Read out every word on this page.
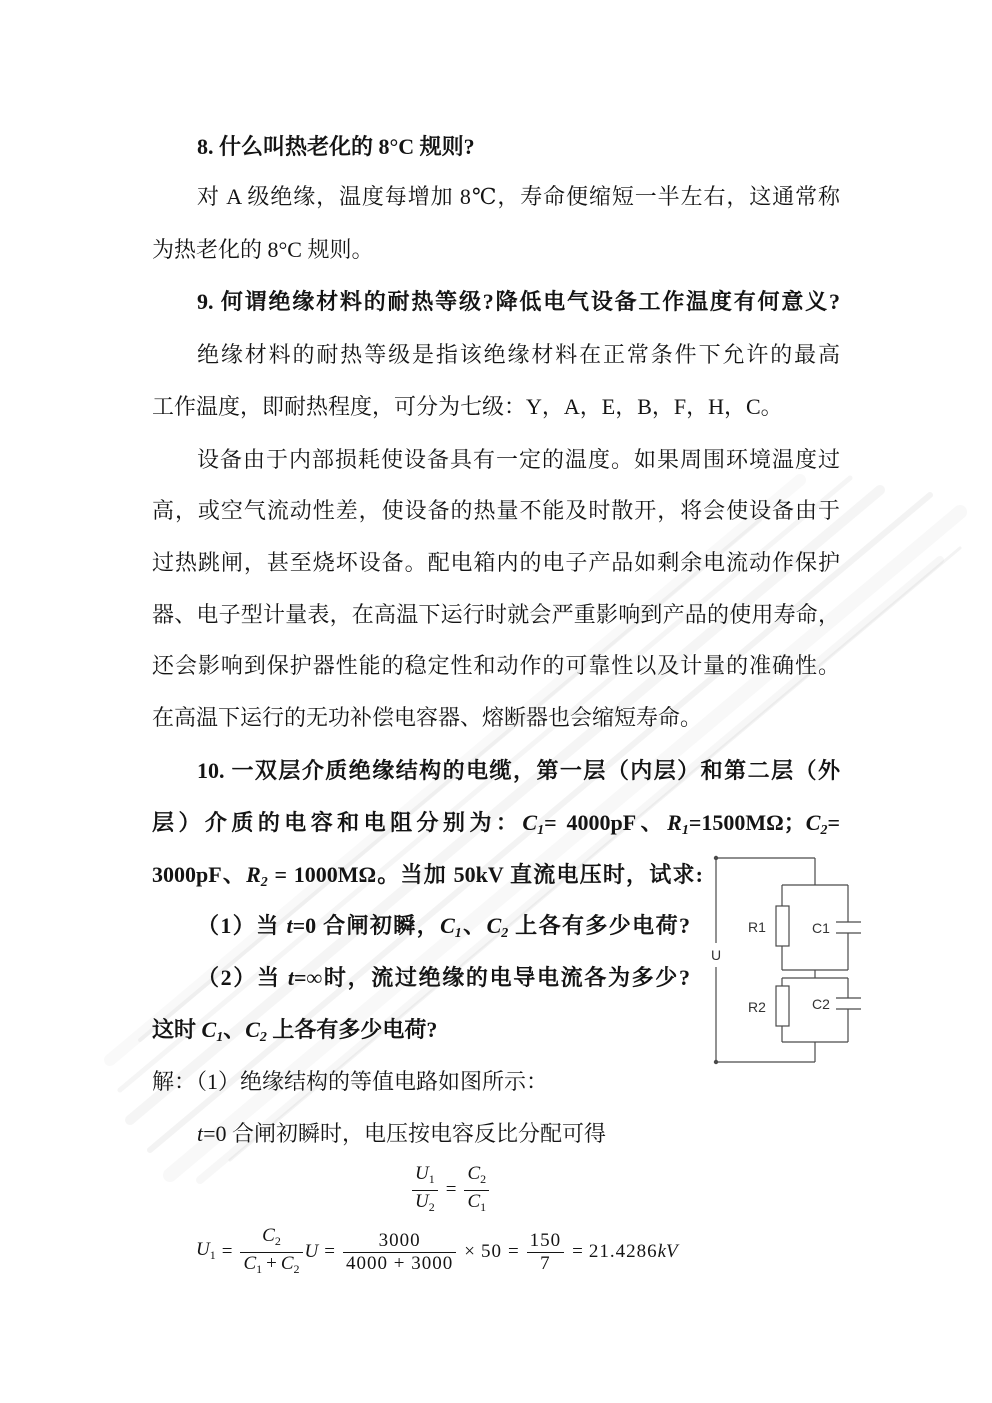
8. 什么叫热老化的 8°C 规则?
对 A 级绝缘，温度每增加 8℃，寿命便缩短一半左右，这通常称
为热老化的 8°C 规则。
9. 何谓绝缘材料的耐热等级?降低电气设备工作温度有何意义?
绝缘材料的耐热等级是指该绝缘材料在正常条件下允许的最高
工作温度，即耐热程度，可分为七级：Y，A，E，B，F，H，C。
设备由于内部损耗使设备具有一定的温度。如果周围环境温度过
高，或空气流动性差，使设备的热量不能及时散开，将会使设备由于
过热跳闸，甚至烧坏设备。配电箱内的电子产品如剩余电流动作保护
器、电子型计量表，在高温下运行时就会严重影响到产品的使用寿命，
还会影响到保护器性能的稳定性和动作的可靠性以及计量的准确性。
在高温下运行的无功补偿电容器、熔断器也会缩短寿命。
10. 一双层介质绝缘结构的电缆，第一层（内层）和第二层（外
层）介质的电容和电阻分别为：$C_1= 4000pF$、$R_1=1500M\Omega$；$C_2=$
3000pF、$R_2 = 1000M\Omega$。当加 50kV 直流电压时，试求:
（1）当 t=0 合闸初瞬，$C_1$、$C_2$ 上各有多少电荷?
（2）当 t=∞时，流过绝缘的电导电流各为多少?
这时 $C_1$、$C_2$ 上各有多少电荷?
解：（1）绝缘结构的等值电路如图所示：
t=0 合闸初瞬时，电压按电容反比分配可得
$\frac{U_1}{U_2} = \frac{C_2}{C_1}$
$U_1 = \frac{C_2}{C_1 + C_2}$ $U = \frac{3000}{4000 + 3000} \times 50 = \frac{150}{7} = 21.4286$ kV
U
R1	C1
R2	C2
